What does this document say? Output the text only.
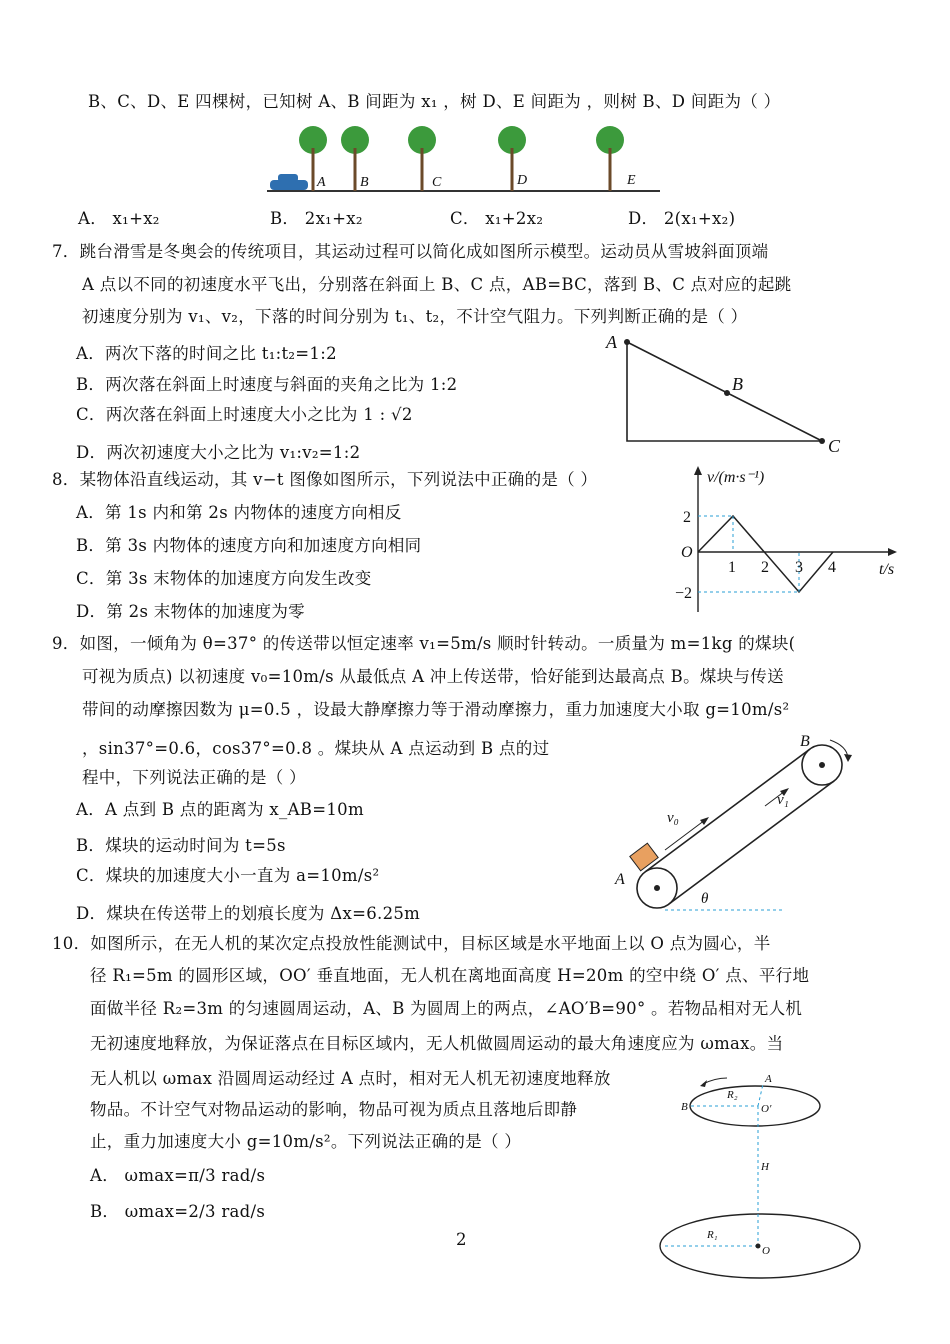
B、C、D、E 四棵树，已知树 A、B 间距为 x₁ ，树 D、E 间距为 ，则树 B、D 间距为（ ）
A B	C	D	E
A． x₁+x₂	B． 2x₁+x₂	C． x₁+2x₂	D． 2(x₁+x₂)
7．跳台滑雪是冬奥会的传统项目，其运动过程可以简化成如图所示模型。运动员从雪坡斜面顶端
A 点以不同的初速度水平飞出，分别落在斜面上 B、C 点，AB=BC，落到 B、C 点对应的起跳
初速度分别为 v₁、v₂，下落的时间分别为 t₁、t₂，不计空气阻力。下列判断正确的是（ ）
A．两次下落的时间之比 t₁:t₂=1:2
B．两次落在斜面上时速度与斜面的夹角之比为 1:2
C．两次落在斜面上时速度大小之比为 1 : √2
D．两次初速度大小之比为 v₁:v₂=1:2
A
B
C
8．某物体沿直线运动，其 v−t 图像如图所示，下列说法中正确的是（ ）
A．第 1s 内和第 2s 内物体的速度方向相反
B．第 3s 内物体的速度方向和加速度方向相同
C．第 3s 末物体的加速度方向发生改变
D．第 2s 末物体的加速度为零
v/(m·s⁻¹)
t/s
O
2
−2
1 2 3 4
9．如图，一倾角为 θ=37° 的传送带以恒定速率 v₁=5m/s 顺时针转动。一质量为 m=1kg 的煤块(
可视为质点) 以初速度 v₀=10m/s 从最低点 A 冲上传送带，恰好能到达最高点 B。煤块与传送
带间的动摩擦因数为 μ=0.5 ，设最大静摩擦力等于滑动摩擦力，重力加速度大小取 g=10m/s²
，sin37°=0.6，cos37°=0.8 。煤块从 A 点运动到 B 点的过
程中，下列说法正确的是（ ）
A．A 点到 B 点的距离为 x_AB=10m
B．煤块的运动时间为 t=5s
C．煤块的加速度大小一直为 a=10m/s²
D．煤块在传送带上的划痕长度为 Δx=6.25m
B
v₀
v₁
A
θ
10．如图所示，在无人机的某次定点投放性能测试中，目标区域是水平地面上以 O 点为圆心，半
径 R₁=5m 的圆形区域，OO′ 垂直地面，无人机在离地面高度 H=20m 的空中绕 O′ 点、平行地
面做半径 R₂=3m 的匀速圆周运动，A、B 为圆周上的两点，∠AO′B=90° 。若物品相对无人机
无初速度地释放，为保证落点在目标区域内，无人机做圆周运动的最大角速度应为 ωmax。当
无人机以 ωmax 沿圆周运动经过 A 点时，相对无人机无初速度地释放
物品。不计空气对物品运动的影响，物品可视为质点且落地后即静
止，重力加速度大小 g=10m/s²。下列说法正确的是（ ）
A． ωmax=π/3 rad/s
B． ωmax=2/3 rad/s
A
R₂
B	O′
H
R₁
O
2
